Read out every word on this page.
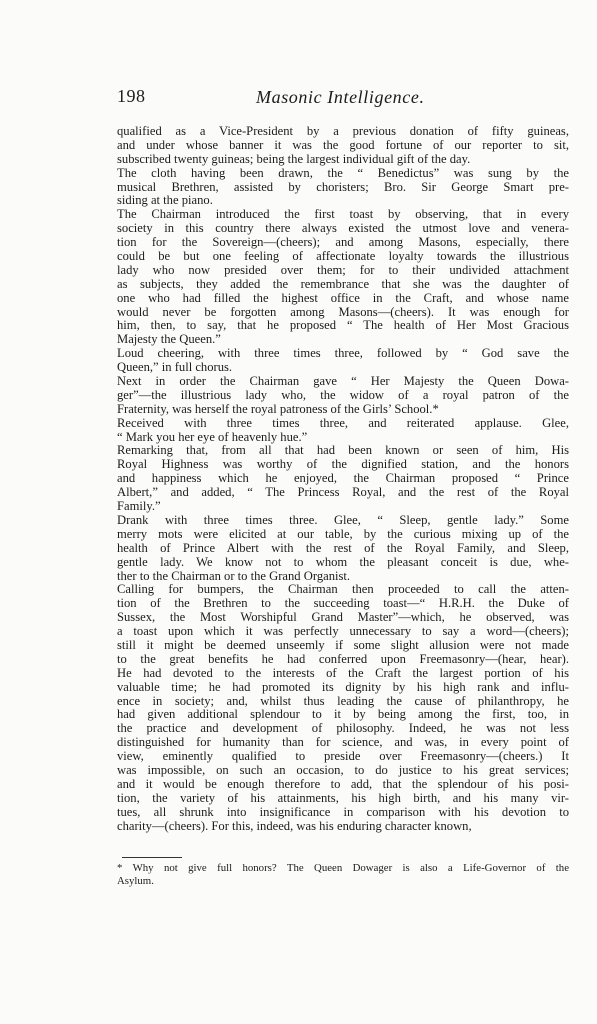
198	Masonic Intelligence.
qualified as a Vice-President by a previous donation of fifty guineas,
and under whose banner it was the good fortune of our reporter to sit,
subscribed twenty guineas; being the largest individual gift of the day.
The cloth having been drawn, the “ Benedictus” was sung by the
musical Brethren, assisted by choristers; Bro. Sir George Smart pre-
siding at the piano.
The Chairman introduced the first toast by observing, that in every
society in this country there always existed the utmost love and venera-
tion for the Sovereign—(cheers); and among Masons, especially, there
could be but one feeling of affectionate loyalty towards the illustrious
lady who now presided over them; for to their undivided attachment
as subjects, they added the remembrance that she was the daughter of
one who had filled the highest office in the Craft, and whose name
would never be forgotten among Masons—(cheers). It was enough for
him, then, to say, that he proposed “ The health of Her Most Gracious
Majesty the Queen.”
Loud cheering, with three times three, followed by “ God save the
Queen,” in full chorus.
Next in order the Chairman gave “ Her Majesty the Queen Dowa-
ger”—the illustrious lady who, the widow of a royal patron of the
Fraternity, was herself the royal patroness of the Girls’ School.*
Received with three times three, and reiterated applause. Glee,
“ Mark you her eye of heavenly hue.”
Remarking that, from all that had been known or seen of him, His
Royal Highness was worthy of the dignified station, and the honors
and happiness which he enjoyed, the Chairman proposed “ Prince
Albert,” and added, “ The Princess Royal, and the rest of the Royal
Family.”
Drank with three times three. Glee, “ Sleep, gentle lady.” Some
merry mots were elicited at our table, by the curious mixing up of the
health of Prince Albert with the rest of the Royal Family, and Sleep,
gentle lady. We know not to whom the pleasant conceit is due, whe-
ther to the Chairman or to the Grand Organist.
Calling for bumpers, the Chairman then proceeded to call the atten-
tion of the Brethren to the succeeding toast—“ H.R.H. the Duke of
Sussex, the Most Worshipful Grand Master”—which, he observed, was
a toast upon which it was perfectly unnecessary to say a word—(cheers);
still it might be deemed unseemly if some slight allusion were not made
to the great benefits he had conferred upon Freemasonry—(hear, hear).
He had devoted to the interests of the Craft the largest portion of his
valuable time; he had promoted its dignity by his high rank and influ-
ence in society; and, whilst thus leading the cause of philanthropy, he
had given additional splendour to it by being among the first, too, in
the practice and development of philosophy. Indeed, he was not less
distinguished for humanity than for science, and was, in every point of
view, eminently qualified to preside over Freemasonry—(cheers.) It
was impossible, on such an occasion, to do justice to his great services;
and it would be enough therefore to add, that the splendour of his posi-
tion, the variety of his attainments, his high birth, and his many vir-
tues, all shrunk into insignificance in comparison with his devotion to
charity—(cheers). For this, indeed, was his enduring character known,
* Why not give full honors? The Queen Dowager is also a Life-Governor of the
Asylum.
